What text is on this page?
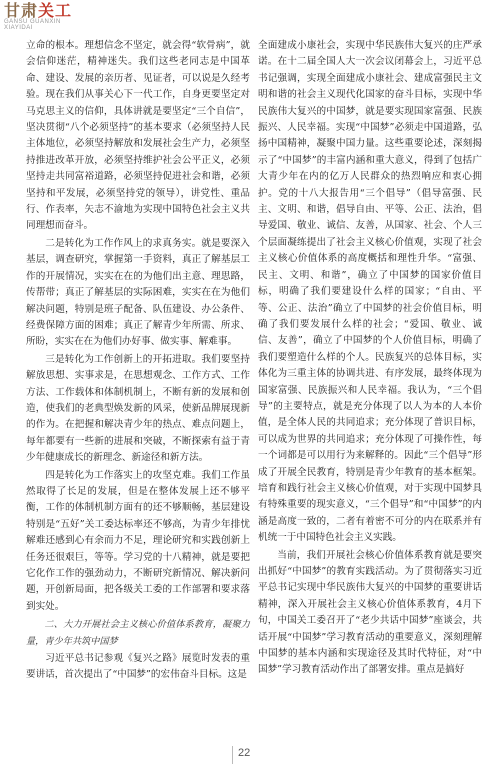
甘肃关工
GANSU GUANXIN
XIAYIDAI

立命的根本。理想信念不坚定，就会得“软骨病”，就会信仰迷茫，精神迷失。我们这些老同志是中国革命、建设、发展的亲历者、见证者，可以说是久经考验。现在我们从事关心下一代工作，自身更要坚定对马克思主义的信仰，具体讲就是要坚定“三个自信”，坚决贯彻“八个必须坚持”的基本要求（必须坚持人民主体地位，必须坚持解放和发展社会生产力，必须坚持推进改革开放，必须坚持维护社会公平正义，必须坚持走共同富裕道路，必须坚持促进社会和谐，必须坚持和平发展，必须坚持党的领导），讲党性、重品行、作表率，矢志不渝地为实现中国特色社会主义共同理想而奋斗。

二是转化为工作作风上的求真务实。就是要深入基层，调查研究，掌握第一手资料，真正了解基层工作的开展情况，实实在在的为他们出主意、理思路，传帮带；真正了解基层的实际困难，实实在在为他们解决问题，特别是班子配备、队伍建设、办公条件、经费保障方面的困难；真正了解青少年所需、所求、所盼，实实在在为他们办好事、做实事、解难事。

三是转化为工作创新上的开拓进取。我们要坚持解放思想、实事求是，在思想观念、工作方式、工作方法、工作载体和体制机制上，不断有新的发展和创造，使我们的老典型焕发新的风采，使新品牌展现新的作为。在把握和解决青少年的热点、难点问题上，每年都要有一些新的进展和突破，不断探索有益于青少年健康成长的新理念、新途径和新方法。

四是转化为工作落实上的攻坚克难。我们工作虽然取得了长足的发展，但是在整体发展上还不够平衡，工作的体制机制方面有的还不够顺畅，基层建设特别是“五好”关工委达标率还不够高，为青少年排忧解难还感到心有余而力不足，理论研究和实践创新上任务还很艰巨，等等。学习党的十八精神，就是要把它化作工作的强劲动力，不断研究新情况、解决新问题，开创新局面，把各级关工委的工作部署和要求落到实处。

二、大力开展社会主义核心价值体系教育，凝聚力量，青少年共筑中国梦

习近平总书记参观《复兴之路》展览时发表的重要讲话，首次提出了“中国梦”的宏伟奋斗目标。这是

全面建成小康社会，实现中华民族伟大复兴的庄严承诺。在十二届全国人大一次会议闭幕会上，习近平总书记强调，实现全面建成小康社会、建成富强民主文明和谐的社会主义现代化国家的奋斗目标，实现中华民族伟大复兴的中国梦，就是要实现国家富强、民族振兴、人民幸福。实现“中国梦”必须走中国道路，弘扬中国精神，凝聚中国力量。这些重要论述，深刻揭示了“中国梦”的丰富内涵和重大意义，得到了包括广大青少年在内的亿万人民群众的热烈响应和衷心拥护。党的十八大报告用“三个倡导”（倡导富强、民主、文明、和谐，倡导自由、平等、公正、法治，倡导爱国、敬业、诚信、友善，从国家、社会、个人三个层面凝练提出了社会主义核心价值观，实现了社会主义核心价值体系的高度概括和理性升华。“富强、民主、文明、和谐”，确立了中国梦的国家价值目标，明确了我们要建设什么样的国家；“自由、平等、公正、法治”确立了中国梦的社会价值目标，明确了我们要发展什么样的社会；“爱国、敬业、诚信、友善”，确立了中国梦的个人价值目标，明确了我们要塑造什么样的个人。民族复兴的总体目标，实体化为三重主体的协调共进、有序发展，最终体现为国家富强、民族振兴和人民幸福。我认为，“三个倡导”的主要特点，就是充分体现了以人为本的人本价值，是全体人民的共同追求；充分体现了普识目标，可以成为世界的共同追求；充分体现了可操作性，每一个词都是可以用行为来解释的。因此“三个倡导”形成了开展全民教育，特别是青少年教育的基本框架。培育和践行社会主义核心价值观，对于实现中国梦具有特殊重要的现实意义，“三个倡导”和“中国梦”的内涵是高度一致的，二者有着密不可分的内在联系并有机统一于中国特色社会主义实践。

当前，我们开展社会核心价值体系教育就是要突出抓好“中国梦”的教育实践活动。为了贯彻落实习近平总书记实现中华民族伟大复兴的中国梦的重要讲话精神，深入开展社会主义核心价值体系教育，4月下旬，中国关工委召开了“老少共话中国梦”座谈会，共话开展“中国梦”学习教育活动的重要意义，深刻理解中国梦的基本内涵和实现途径及其时代特征，对“中国梦”学习教育活动作出了部署安排。重点是搞好

22
